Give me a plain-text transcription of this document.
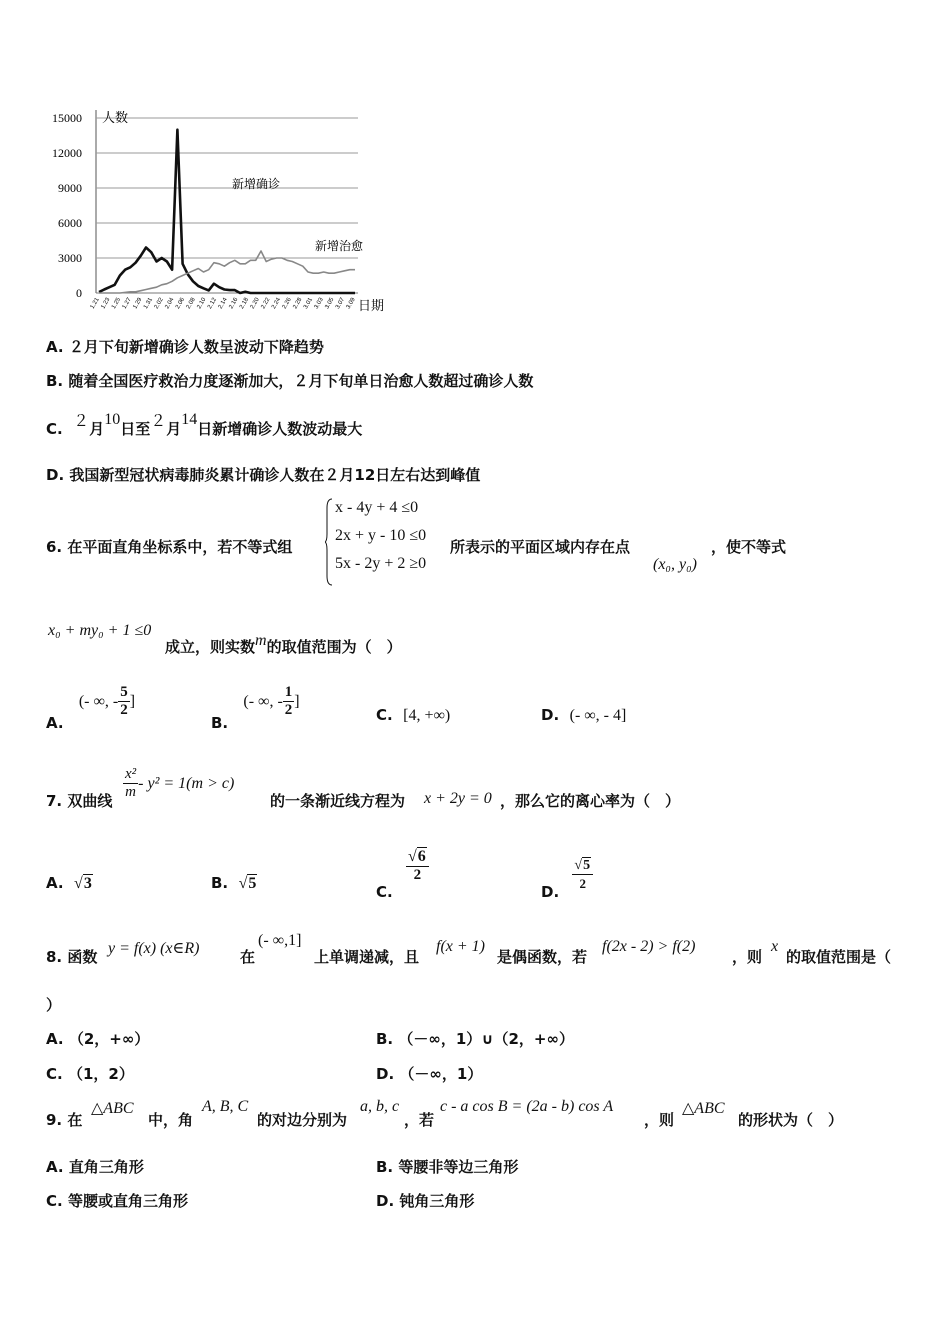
0
3000
6000
9000
12000
15000
1.21 1.23 1.25 1.27 1.29 1.31 2.02 2.04 2.06 2.08 2.10 2.12 2.14 2.16 2.18 2.20 2.22 2.24 2.26 2.28 3.01 3.03 3.05 3.07 3.09
人数
日期
新增确诊
新增治愈
A. ２月下旬新增确诊人数呈波动下降趋势
B. 随着全国医疗救治力度逐渐加大，２月下旬单日治愈人数超过确诊人数
C. ２月10日至２月14日新增确诊人数波动最大
D. 我国新型冠状病毒肺炎累计确诊人数在２月12日左右达到峰值
6. 在平面直角坐标系中，若不等式组
x - 4y + 4 ≤0
2x + y - 10 ≤0
5x - 2y + 2 ≥0
所表示的平面区域内存在点
(x₀, y₀)
，使不等式
x₀ + my₀ + 1 ≤0
成立，则实数m的取值范围为（　）
A. (- ∞, - $\frac{5}{2}$ ]
B. (- ∞, - $\frac{1}{2}$ ]
C. [4, +∞)	D. (- ∞, - 4]
7. 双曲线 $\frac{\text{x²}}{m} - y^2 = 1(m > c)$
的一条渐近线方程为 x + 2y = 0 ，那么它的离心率为（　）
A. √3	B. √5	C.
$\frac{√6}{2}$
D. $\frac{√5}{2}$
8. 函数 y = f(x) (x∈R)	在
(- ∞,1]
上单调递减，且
f(x + 1)
是偶函数，若
f(2x - 2) > f(2)
，则
x
的取值范围是（
）
A. （2，+∞）	B. （－∞，1）∪（2，+∞）
C. （1，2）	D. （－∞，1）
9. 在
△ABC
中，角
A, B, C
的对边分别为
a, b, c
，若
c - a cos B = (2a - b) cos A
，则
△ABC
的形状为（　）
A. 直角三角形	B. 等腰非等边三角形
C. 等腰或直角三角形	D. 钝角三角形
